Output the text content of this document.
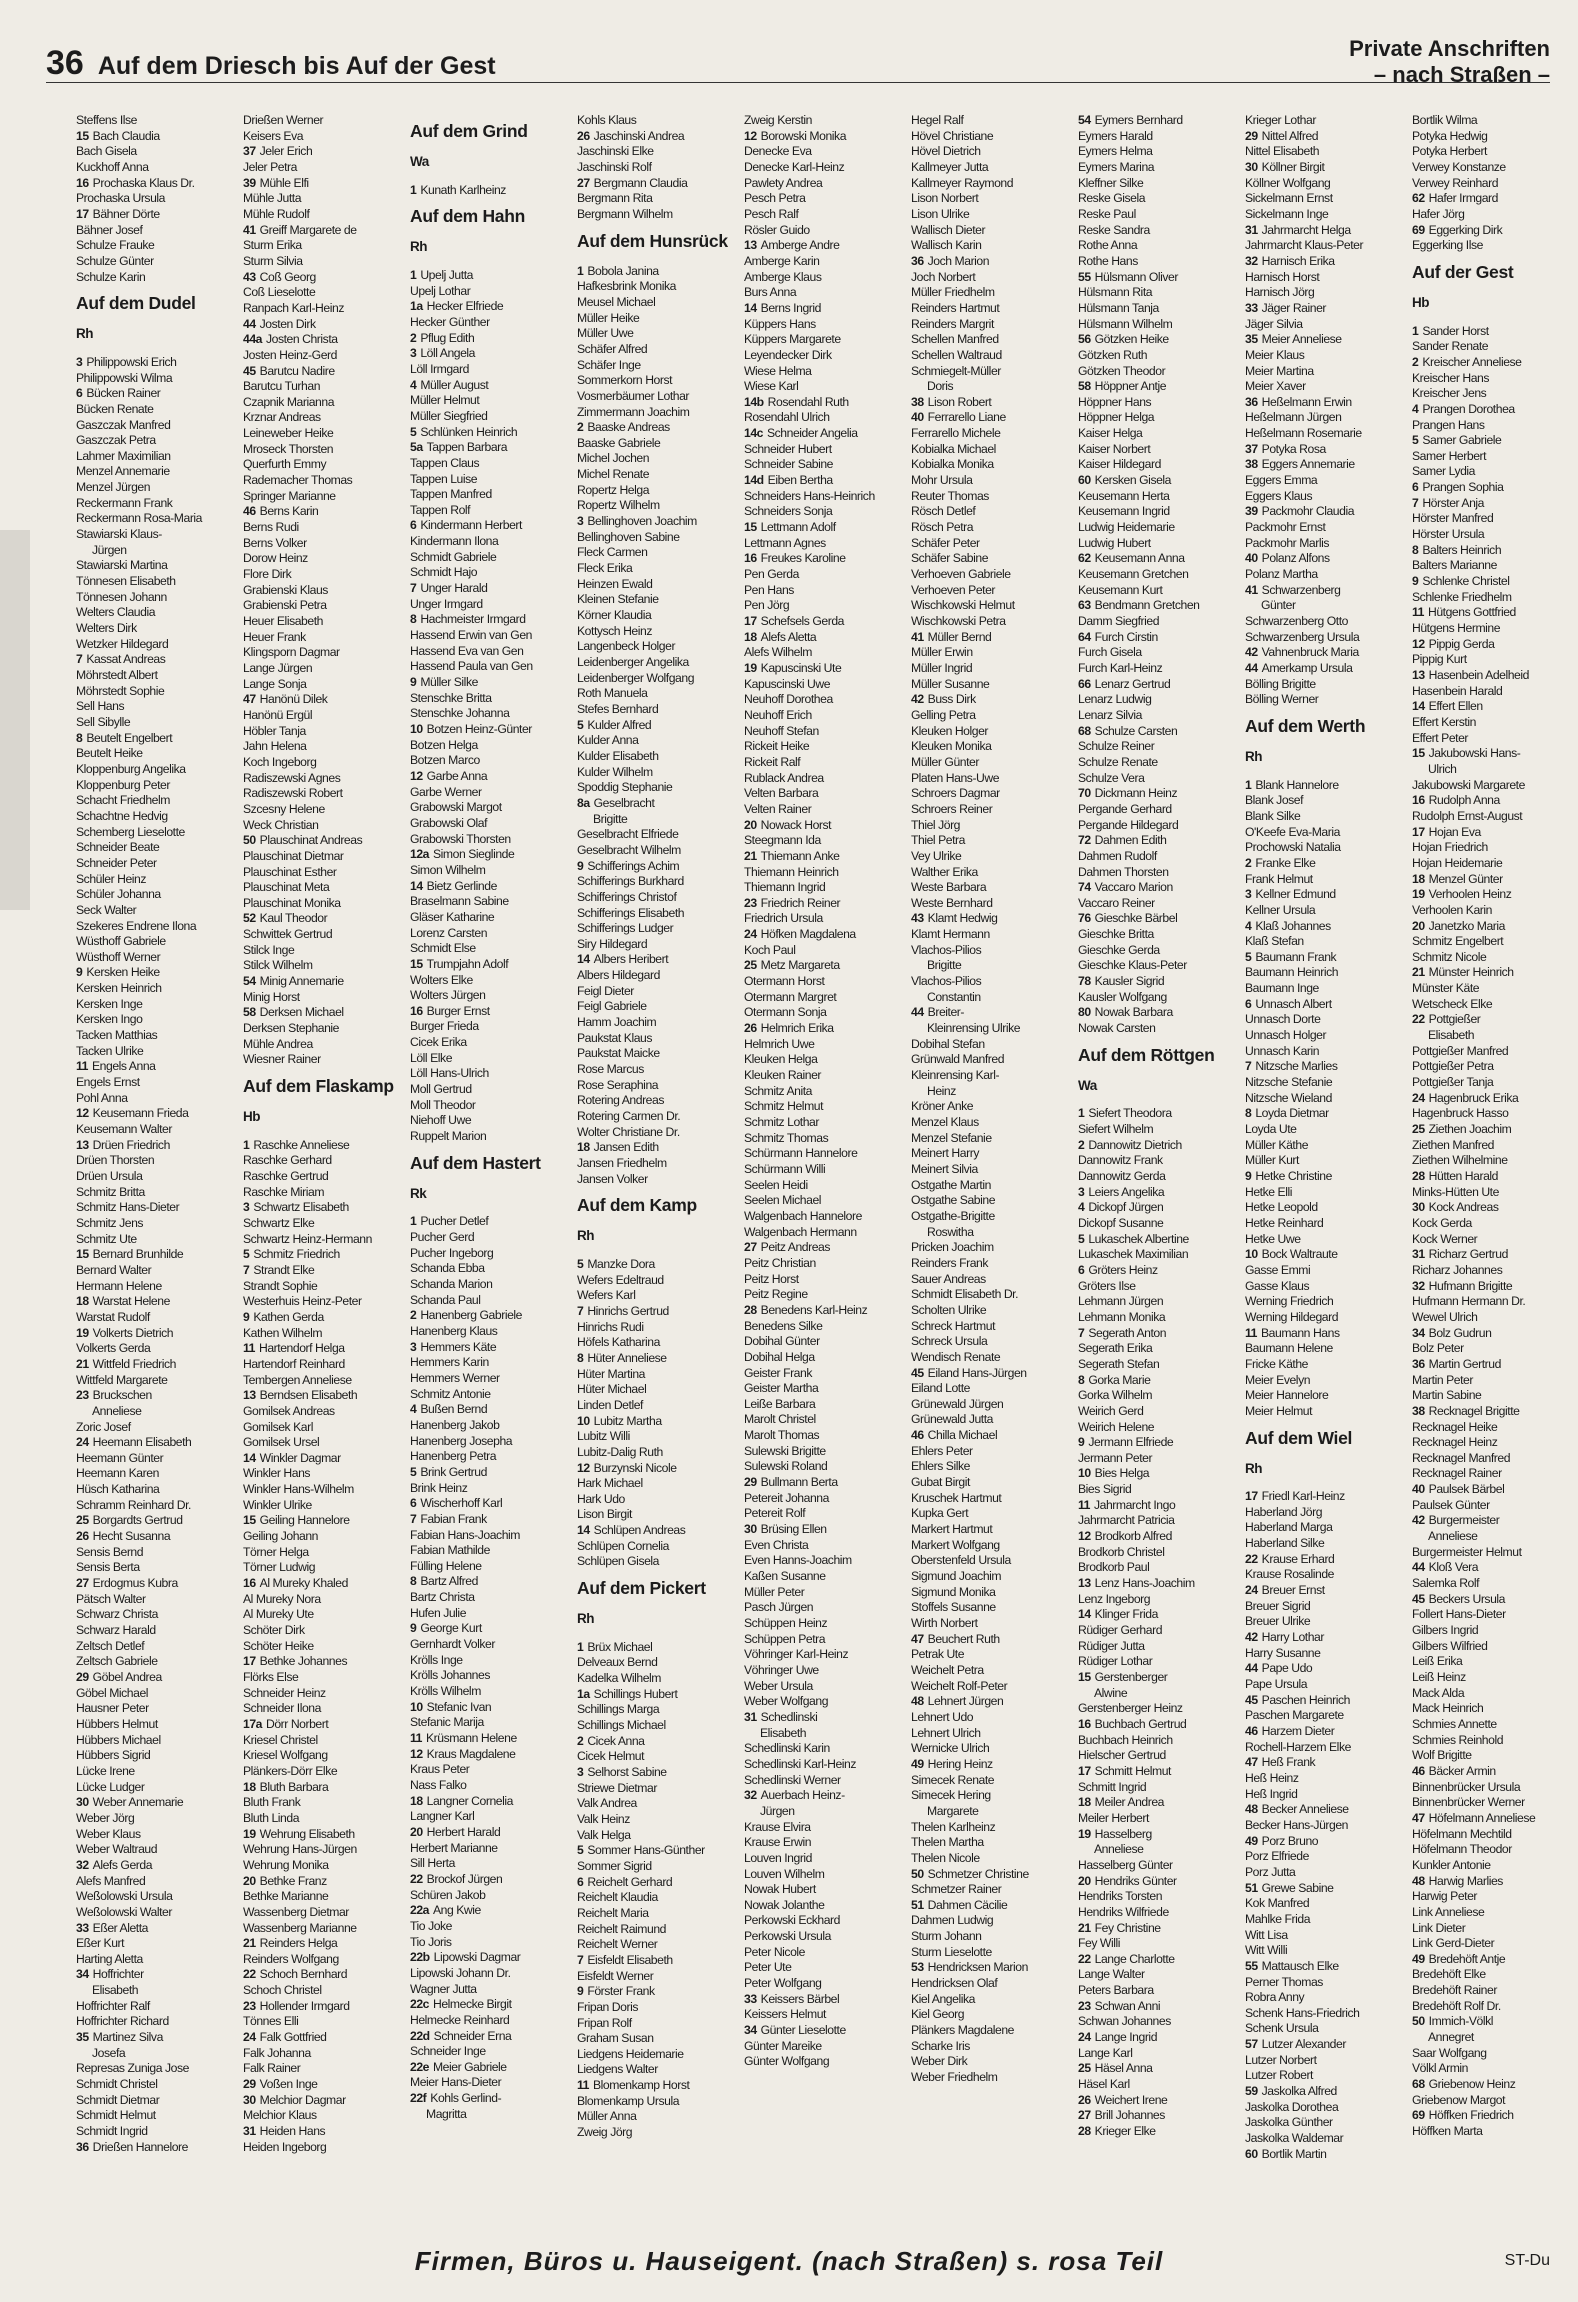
36 Auf dem Driesch bis Auf der Gest
Private Anschriften
– nach Straßen –
Steffens Ilse
15 Bach Claudia
Bach Gisela
Kuckhoff Anna
16 Prochaska Klaus Dr.
Prochaska Ursula
17 Bähner Dörte
Bähner Josef
Schulze Frauke
Schulze Günter
Schulze Karin
Auf dem Dudel
Rh
3 Philippowski Erich
Philippowski Wilma
6 Bücken Rainer
Bücken Renate
Gaszczak Manfred
Gaszczak Petra
Lahmer Maximilian
Menzel Annemarie
Menzel Jürgen
Reckermann Frank
Reckermann Rosa-Maria
Stawiarski Klaus-
Jürgen
Stawiarski Martina
Tönnesen Elisabeth
Tönnesen Johann
Welters Claudia
Welters Dirk
Wetzker Hildegard
7 Kassat Andreas
Möhrstedt Albert
Möhrstedt Sophie
Sell Hans
Sell Sibylle
8 Beutelt Engelbert
Beutelt Heike
Kloppenburg Angelika
Kloppenburg Peter
Schacht Friedhelm
Schachtne Hedvig
Schemberg Lieselotte
Schneider Beate
Schneider Peter
Schüler Heinz
Schüler Johanna
Seck Walter
Szekeres Endrene Ilona
Wüsthoff Gabriele
Wüsthoff Werner
9 Kersken Heike
Kersken Heinrich
Kersken Inge
Kersken Ingo
Tacken Matthias
Tacken Ulrike
11 Engels Anna
Engels Ernst
Pohl Anna
12 Keusemann Frieda
Keusemann Walter
13 Drüen Friedrich
Drüen Thorsten
Drüen Ursula
Schmitz Britta
Schmitz Hans-Dieter
Schmitz Jens
Schmitz Ute
15 Bernard Brunhilde
Bernard Walter
Hermann Helene
18 Warstat Helene
Warstat Rudolf
19 Volkerts Dietrich
Volkerts Gerda
21 Wittfeld Friedrich
Wittfeld Margarete
23 Bruckschen
Anneliese
Zoric Josef
24 Heemann Elisabeth
Heemann Günter
Heemann Karen
Hüsch Katharina
Schramm Reinhard Dr.
25 Borgardts Gertrud
26 Hecht Susanna
Sensis Bernd
Sensis Berta
27 Erdogmus Kubra
Pätsch Walter
Schwarz Christa
Schwarz Harald
Zeltsch Detlef
Zeltsch Gabriele
29 Göbel Andrea
Göbel Michael
Hausner Peter
Hübbers Helmut
Hübbers Michael
Hübbers Sigrid
Lücke Irene
Lücke Ludger
30 Weber Annemarie
Weber Jörg
Weber Klaus
Weber Waltraud
32 Alefs Gerda
Alefs Manfred
Weßolowski Ursula
Weßolowski Walter
33 Eßer Aletta
Eßer Kurt
Harting Aletta
34 Hoffrichter
Elisabeth
Hoffrichter Ralf
Hoffrichter Richard
35 Martinez Silva
Josefa
Represas Zuniga Jose
Schmidt Christel
Schmidt Dietmar
Schmidt Helmut
Schmidt Ingrid
36 Drießen Hannelore
Drießen Werner
Keisers Eva
37 Jeler Erich
Jeler Petra
39 Mühle Elfi
Mühle Jutta
Mühle Rudolf
41 Greiff Margarete de
Sturm Erika
Sturm Silvia
43 Coß Georg
Coß Lieselotte
Ranpach Karl-Heinz
44 Josten Dirk
44a Josten Christa
Josten Heinz-Gerd
45 Barutcu Nadire
Barutcu Turhan
Czapnik Marianna
Krznar Andreas
Leineweber Heike
Mroseck Thorsten
Querfurth Emmy
Rademacher Thomas
Springer Marianne
46 Berns Karin
Berns Rudi
Berns Volker
Dorow Heinz
Flore Dirk
Grabienski Klaus
Grabienski Petra
Heuer Elisabeth
Heuer Frank
Klingsporn Dagmar
Lange Jürgen
Lange Sonja
47 Hanönü Dilek
Hanönü Ergül
Höbler Tanja
Jahn Helena
Koch Ingeborg
Radiszewski Agnes
Radiszewski Robert
Szcesny Helene
Weck Christian
50 Plauschinat Andreas
Plauschinat Dietmar
Plauschinat Esther
Plauschinat Meta
Plauschinat Monika
52 Kaul Theodor
Schwittek Gertrud
Stilck Inge
Stilck Wilhelm
54 Minig Annemarie
Minig Horst
58 Derksen Michael
Derksen Stephanie
Mühle Andrea
Wiesner Rainer
Auf dem Flaskamp
Hb
1 Raschke Anneliese
Raschke Gerhard
Raschke Gertrud
Raschke Miriam
3 Schwartz Elisabeth
Schwartz Elke
Schwartz Heinz-Hermann
5 Schmitz Friedrich
7 Strandt Elke
Strandt Sophie
Westerhuis Heinz-Peter
9 Kathen Gerda
Kathen Wilhelm
11 Hartendorf Helga
Hartendorf Reinhard
Tembergen Anneliese
13 Berndsen Elisabeth
Gomilsek Andreas
Gomilsek Karl
Gomilsek Ursel
14 Winkler Dagmar
Winkler Hans
Winkler Hans-Wilhelm
Winkler Ulrike
15 Geiling Hannelore
Geiling Johann
Törner Helga
Törner Ludwig
16 Al Mureky Khaled
Al Mureky Nora
Al Mureky Ute
Schöter Dirk
Schöter Heike
17 Bethke Johannes
Flörks Else
Schneider Heinz
Schneider Ilona
17a Dörr Norbert
Kriesel Christel
Kriesel Wolfgang
Plänkers-Dörr Elke
18 Bluth Barbara
Bluth Frank
Bluth Linda
19 Wehrung Elisabeth
Wehrung Hans-Jürgen
Wehrung Monika
20 Bethke Franz
Bethke Marianne
Wassenberg Dietmar
Wassenberg Marianne
21 Reinders Helga
Reinders Wolfgang
22 Schoch Bernhard
Schoch Christel
23 Hollender Irmgard
Tönnes Elli
24 Falk Gottfried
Falk Johanna
Falk Rainer
29 Voßen Inge
30 Melchior Dagmar
Melchior Klaus
31 Heiden Hans
Heiden Ingeborg
Auf dem Grind
Wa
1 Kunath Karlheinz
Auf dem Hahn
Rh
1 Upelj Jutta
Upelj Lothar
1a Hecker Elfriede
Hecker Günther
2 Pflug Edith
3 Löll Angela
Löll Irmgard
4 Müller August
Müller Helmut
Müller Siegfried
5 Schlünken Heinrich
5a Tappen Barbara
Tappen Claus
Tappen Luise
Tappen Manfred
Tappen Rolf
6 Kindermann Herbert
Kindermann Ilona
Schmidt Gabriele
Schmidt Hajo
7 Unger Harald
Unger Irmgard
8 Hachmeister Irmgard
Hassend Erwin van Gen
Hassend Eva van Gen
Hassend Paula van Gen
9 Müller Silke
Stenschke Britta
Stenschke Johanna
10 Botzen Heinz-Günter
Botzen Helga
Botzen Marco
12 Garbe Anna
Garbe Werner
Grabowski Margot
Grabowski Olaf
Grabowski Thorsten
12a Simon Sieglinde
Simon Wilhelm
14 Bietz Gerlinde
Braselmann Sabine
Gläser Katharine
Lorenz Carsten
Schmidt Else
15 Trumpjahn Adolf
Wolters Elke
Wolters Jürgen
16 Burger Ernst
Burger Frieda
Cicek Erika
Löll Elke
Löll Hans-Ulrich
Moll Gertrud
Moll Theodor
Niehoff Uwe
Ruppelt Marion
Auf dem Hastert
Rk
1 Pucher Detlef
Pucher Gerd
Pucher Ingeborg
Schanda Ebba
Schanda Marion
Schanda Paul
2 Hanenberg Gabriele
Hanenberg Klaus
3 Hemmers Käte
Hemmers Karin
Hemmers Werner
Schmitz Antonie
4 Bußen Bernd
Hanenberg Jakob
Hanenberg Josepha
Hanenberg Petra
5 Brink Gertrud
Brink Heinz
6 Wischerhoff Karl
7 Fabian Frank
Fabian Hans-Joachim
Fabian Mathilde
Fülling Helene
8 Bartz Alfred
Bartz Christa
Hufen Julie
9 George Kurt
Gernhardt Volker
Krölls Inge
Krölls Johannes
Krölls Wilhelm
10 Stefanic Ivan
Stefanic Marija
11 Krüsmann Helene
12 Kraus Magdalene
Kraus Peter
Nass Falko
18 Langner Cornelia
Langner Karl
20 Herbert Harald
Herbert Marianne
Sill Herta
22 Brockof Jürgen
Schüren Jakob
22a Ang Kwie
Tio Joke
Tio Joris
22b Lipowski Dagmar
Lipowski Johann Dr.
Wagner Jutta
22c Helmecke Birgit
Helmecke Reinhard
22d Schneider Erna
Schneider Inge
22e Meier Gabriele
Meier Hans-Dieter
22f Kohls Gerlind-
Magritta
Kohls Klaus
26 Jaschinski Andrea
Jaschinski Elke
Jaschinski Rolf
27 Bergmann Claudia
Bergmann Rita
Bergmann Wilhelm
Auf dem Hunsrück
1 Bobola Janina
Hafkesbrink Monika
Meusel Michael
Müller Heike
Müller Uwe
Schäfer Alfred
Schäfer Inge
Sommerkorn Horst
Vosmerbäumer Lothar
Zimmermann Joachim
2 Baaske Andreas
Baaske Gabriele
Michel Jochen
Michel Renate
Ropertz Helga
Ropertz Wilhelm
3 Bellinghoven Joachim
Bellinghoven Sabine
Fleck Carmen
Fleck Erika
Heinzen Ewald
Kleinen Stefanie
Körner Klaudia
Kottysch Heinz
Langenbeck Holger
Leidenberger Angelika
Leidenberger Wolfgang
Roth Manuela
Stefes Bernhard
5 Kulder Alfred
Kulder Anna
Kulder Elisabeth
Kulder Wilhelm
Spoddig Stephanie
8a Geselbracht
Brigitte
Geselbracht Elfriede
Geselbracht Wilhelm
9 Schifferings Achim
Schifferings Burkhard
Schifferings Christof
Schifferings Elisabeth
Schifferings Ludger
Siry Hildegard
14 Albers Heribert
Albers Hildegard
Feigl Dieter
Feigl Gabriele
Hamm Joachim
Paukstat Klaus
Paukstat Maicke
Rose Marcus
Rose Seraphina
Rotering Andreas
Rotering Carmen Dr.
Wolter Christiane Dr.
18 Jansen Edith
Jansen Friedhelm
Jansen Volker
Auf dem Kamp
Rh
5 Manzke Dora
Wefers Edeltraud
Wefers Karl
7 Hinrichs Gertrud
Hinrichs Rudi
Höfels Katharina
8 Hüter Anneliese
Hüter Martina
Hüter Michael
Linden Detlef
10 Lubitz Martha
Lubitz Willi
Lubitz-Dalig Ruth
12 Burzynski Nicole
Hark Michael
Hark Udo
Lison Birgit
14 Schlüpen Andreas
Schlüpen Cornelia
Schlüpen Gisela
Auf dem Pickert
Rh
1 Brüx Michael
Delveaux Bernd
Kadelka Wilhelm
1a Schillings Hubert
Schillings Marga
Schillings Michael
2 Cicek Anna
Cicek Helmut
3 Selhorst Sabine
Striewe Dietmar
Valk Andrea
Valk Heinz
Valk Helga
5 Sommer Hans-Günther
Sommer Sigrid
6 Reichelt Gerhard
Reichelt Klaudia
Reichelt Maria
Reichelt Raimund
Reichelt Werner
7 Eisfeldt Elisabeth
Eisfeldt Werner
9 Förster Frank
Fripan Doris
Fripan Rolf
Graham Susan
Liedgens Heidemarie
Liedgens Walter
11 Blomenkamp Horst
Blomenkamp Ursula
Müller Anna
Zweig Jörg
Zweig Kerstin
12 Borowski Monika
Denecke Eva
Denecke Karl-Heinz
Pawlety Andrea
Pesch Petra
Pesch Ralf
Rösler Guido
13 Amberge Andre
Amberge Karin
Amberge Klaus
Burs Anna
14 Berns Ingrid
Küppers Hans
Küppers Margarete
Leyendecker Dirk
Wiese Helma
Wiese Karl
14b Rosendahl Ruth
Rosendahl Ulrich
14c Schneider Angelia
Schneider Hubert
Schneider Sabine
14d Eiben Bertha
Schneiders Hans-Heinrich
Schneiders Sonja
15 Lettmann Adolf
Lettmann Agnes
16 Freukes Karoline
Pen Gerda
Pen Hans
Pen Jörg
17 Schefsels Gerda
18 Alefs Aletta
Alefs Wilhelm
19 Kapuscinski Ute
Kapuscinski Uwe
Neuhoff Dorothea
Neuhoff Erich
Neuhoff Stefan
Rickeit Heike
Rickeit Ralf
Rublack Andrea
Velten Barbara
Velten Rainer
20 Nowack Horst
Steegmann Ida
21 Thiemann Anke
Thiemann Heinrich
Thiemann Ingrid
23 Friedrich Reiner
Friedrich Ursula
24 Höfken Magdalena
Koch Paul
25 Metz Margareta
Otermann Horst
Otermann Margret
Otermann Sonja
26 Helmrich Erika
Helmrich Uwe
Kleuken Helga
Kleuken Rainer
Schmitz Anita
Schmitz Helmut
Schmitz Lothar
Schmitz Thomas
Schürmann Hannelore
Schürmann Willi
Seelen Heidi
Seelen Michael
Walgenbach Hannelore
Walgenbach Hermann
27 Peitz Andreas
Peitz Christian
Peitz Horst
Peitz Regine
28 Benedens Karl-Heinz
Benedens Silke
Dobihal Günter
Dobihal Helga
Geister Frank
Geister Martha
Leiße Barbara
Marolt Christel
Marolt Thomas
Sulewski Brigitte
Sulewski Roland
29 Bullmann Berta
Petereit Johanna
Petereit Rolf
30 Brüsing Ellen
Even Christa
Even Hanns-Joachim
Kaßen Susanne
Müller Peter
Pasch Jürgen
Schüppen Heinz
Schüppen Petra
Vöhringer Karl-Heinz
Vöhringer Uwe
Weber Ursula
Weber Wolfgang
31 Schedlinski
Elisabeth
Schedlinski Karin
Schedlinski Karl-Heinz
Schedlinski Werner
32 Auerbach Heinz-
Jürgen
Krause Elvira
Krause Erwin
Louven Ingrid
Louven Wilhelm
Nowak Hubert
Nowak Jolanthe
Perkowski Eckhard
Perkowski Ursula
Peter Nicole
Peter Ute
Peter Wolfgang
33 Keissers Bärbel
Keissers Helmut
34 Günter Lieselotte
Günter Mareike
Günter Wolfgang
Hegel Ralf
Hövel Christiane
Hövel Dietrich
Kallmeyer Jutta
Kallmeyer Raymond
Lison Norbert
Lison Ulrike
Wallisch Dieter
Wallisch Karin
36 Joch Marion
Joch Norbert
Müller Friedhelm
Reinders Hartmut
Reinders Margrit
Schellen Manfred
Schellen Waltraud
Schmiegelt-Müller
Doris
38 Lison Robert
40 Ferrarello Liane
Ferrarello Michele
Kobialka Michael
Kobialka Monika
Mohr Ursula
Reuter Thomas
Rösch Detlef
Rösch Petra
Schäfer Peter
Schäfer Sabine
Verhoeven Gabriele
Verhoeven Peter
Wischkowski Helmut
Wischkowski Petra
41 Müller Bernd
Müller Erwin
Müller Ingrid
Müller Susanne
42 Buss Dirk
Gelling Petra
Kleuken Holger
Kleuken Monika
Müller Günter
Platen Hans-Uwe
Schroers Dagmar
Schroers Reiner
Thiel Jörg
Thiel Petra
Vey Ulrike
Walther Erika
Weste Barbara
Weste Bernhard
43 Klamt Hedwig
Klamt Hermann
Vlachos-Pilios
Brigitte
Vlachos-Pilios
Constantin
44 Breiter-
Kleinrensing Ulrike
Dobihal Stefan
Grünwald Manfred
Kleinrensing Karl-
Heinz
Kröner Anke
Menzel Klaus
Menzel Stefanie
Meinert Harry
Meinert Silvia
Ostgathe Martin
Ostgathe Sabine
Ostgathe-Brigitte
Roswitha
Pricken Joachim
Reinders Frank
Sauer Andreas
Schmidt Elisabeth Dr.
Scholten Ulrike
Schreck Hartmut
Schreck Ursula
Wendisch Renate
45 Eiland Hans-Jürgen
Eiland Lotte
Grünewald Jürgen
Grünewald Jutta
46 Chilla Michael
Ehlers Peter
Ehlers Silke
Gubat Birgit
Kruschek Hartmut
Kupka Gert
Markert Hartmut
Markert Wolfgang
Oberstenfeld Ursula
Sigmund Joachim
Sigmund Monika
Stoffels Susanne
Wirth Norbert
47 Beuchert Ruth
Petrak Ute
Weichelt Petra
Weichelt Rolf-Peter
48 Lehnert Jürgen
Lehnert Udo
Lehnert Ulrich
Wernicke Ulrich
49 Hering Heinz
Simecek Renate
Simecek Hering
Margarete
Thelen Karlheinz
Thelen Martha
Thelen Nicole
50 Schmetzer Christine
Schmetzer Rainer
51 Dahmen Cäcilie
Dahmen Ludwig
Sturm Johann
Sturm Lieselotte
53 Hendricksen Marion
Hendricksen Olaf
Kiel Angelika
Kiel Georg
Plänkers Magdalene
Scharke Iris
Weber Dirk
Weber Friedhelm
54 Eymers Bernhard
Eymers Harald
Eymers Helma
Eymers Marina
Kleffner Silke
Reske Gisela
Reske Paul
Reske Sandra
Rothe Anna
Rothe Hans
55 Hülsmann Oliver
Hülsmann Rita
Hülsmann Tanja
Hülsmann Wilhelm
56 Götzken Heike
Götzken Ruth
Götzken Theodor
58 Höppner Antje
Höppner Hans
Höppner Helga
Kaiser Helga
Kaiser Norbert
Kaiser Hildegard
60 Kersken Gisela
Keusemann Herta
Keusemann Ingrid
Ludwig Heidemarie
Ludwig Hubert
62 Keusemann Anna
Keusemann Gretchen
Keusemann Kurt
63 Bendmann Gretchen
Damm Siegfried
64 Furch Cirstin
Furch Gisela
Furch Karl-Heinz
66 Lenarz Gertrud
Lenarz Ludwig
Lenarz Silvia
68 Schulze Carsten
Schulze Reiner
Schulze Renate
Schulze Vera
70 Dickmann Heinz
Pergande Gerhard
Pergande Hildegard
72 Dahmen Edith
Dahmen Rudolf
Dahmen Thorsten
74 Vaccaro Marion
Vaccaro Reiner
76 Gieschke Bärbel
Gieschke Britta
Gieschke Gerda
Gieschke Klaus-Peter
78 Kausler Sigrid
Kausler Wolfgang
80 Nowak Barbara
Nowak Carsten
Auf dem Röttgen
Wa
1 Siefert Theodora
Siefert Wilhelm
2 Dannowitz Dietrich
Dannowitz Frank
Dannowitz Gerda
3 Leiers Angelika
4 Dickopf Jürgen
Dickopf Susanne
5 Lukaschek Albertine
Lukaschek Maximilian
6 Gröters Heinz
Gröters Ilse
Lehmann Jürgen
Lehmann Monika
7 Segerath Anton
Segerath Erika
Segerath Stefan
8 Gorka Marie
Gorka Wilhelm
Weirich Gerd
Weirich Helene
9 Jermann Elfriede
Jermann Peter
10 Bies Helga
Bies Sigrid
11 Jahrmarcht Ingo
Jahrmarcht Patricia
12 Brodkorb Alfred
Brodkorb Christel
Brodkorb Paul
13 Lenz Hans-Joachim
Lenz Ingeborg
14 Klinger Frida
Rüdiger Gerhard
Rüdiger Jutta
Rüdiger Lothar
15 Gerstenberger
Alwine
Gerstenberger Heinz
16 Buchbach Gertrud
Buchbach Heinrich
Hielscher Gertrud
17 Schmitt Helmut
Schmitt Ingrid
18 Meiler Andrea
Meiler Herbert
19 Hasselberg
Anneliese
Hasselberg Günter
20 Hendriks Günter
Hendriks Torsten
Hendriks Wilfriede
21 Fey Christine
Fey Willi
22 Lange Charlotte
Lange Walter
Peters Barbara
23 Schwan Anni
Schwan Johannes
24 Lange Ingrid
Lange Karl
25 Häsel Anna
Häsel Karl
26 Weichert Irene
27 Brill Johannes
28 Krieger Elke
Krieger Lothar
29 Nittel Alfred
Nittel Elisabeth
30 Köllner Birgit
Köllner Wolfgang
Sickelmann Ernst
Sickelmann Inge
31 Jahrmarcht Helga
Jahrmarcht Klaus-Peter
32 Harnisch Erika
Harnisch Horst
Harnisch Jörg
33 Jäger Rainer
Jäger Silvia
35 Meier Anneliese
Meier Klaus
Meier Martina
Meier Xaver
36 Heßelmann Erwin
Heßelmann Jürgen
Heßelmann Rosemarie
37 Potyka Rosa
38 Eggers Annemarie
Eggers Emma
Eggers Klaus
39 Packmohr Claudia
Packmohr Ernst
Packmohr Marlis
40 Polanz Alfons
Polanz Martha
41 Schwarzenberg
Günter
Schwarzenberg Otto
Schwarzenberg Ursula
42 Vahnenbruck Maria
44 Amerkamp Ursula
Bölling Brigitte
Bölling Werner
Auf dem Werth
Rh
1 Blank Hannelore
Blank Josef
Blank Silke
O'Keefe Eva-Maria
Prochowski Natalia
2 Franke Elke
Frank Helmut
3 Kellner Edmund
Kellner Ursula
4 Klaß Johannes
Klaß Stefan
5 Baumann Frank
Baumann Heinrich
Baumann Inge
6 Unnasch Albert
Unnasch Dorte
Unnasch Holger
Unnasch Karin
7 Nitzsche Marlies
Nitzsche Stefanie
Nitzsche Wieland
8 Loyda Dietmar
Loyda Ute
Müller Käthe
Müller Kurt
9 Hetke Christine
Hetke Elli
Hetke Leopold
Hetke Reinhard
Hetke Uwe
10 Bock Waltraute
Gasse Emmi
Gasse Klaus
Werning Friedrich
Werning Hildegard
11 Baumann Hans
Baumann Helene
Fricke Käthe
Meier Evelyn
Meier Hannelore
Meier Helmut
Auf dem Wiel
Rh
17 Friedl Karl-Heinz
Haberland Jörg
Haberland Marga
Haberland Silke
22 Krause Erhard
Krause Rosalinde
24 Breuer Ernst
Breuer Sigrid
Breuer Ulrike
42 Harry Lothar
Harry Susanne
44 Pape Udo
Pape Ursula
45 Paschen Heinrich
Paschen Margarete
46 Harzem Dieter
Rochell-Harzem Elke
47 Heß Frank
Heß Heinz
Heß Ingrid
48 Becker Anneliese
Becker Hans-Jürgen
49 Porz Bruno
Porz Elfriede
Porz Jutta
51 Grewe Sabine
Kok Manfred
Mahlke Frida
Witt Lisa
Witt Willi
55 Mattausch Elke
Perner Thomas
Robra Anny
Schenk Hans-Friedrich
Schenk Ursula
57 Lutzer Alexander
Lutzer Norbert
Lutzer Robert
59 Jaskolka Alfred
Jaskolka Dorothea
Jaskolka Günther
Jaskolka Waldemar
60 Bortlik Martin
Bortlik Wilma
Potyka Hedwig
Potyka Herbert
Verwey Konstanze
Verwey Reinhard
62 Hafer Irmgard
Hafer Jörg
69 Eggerking Dirk
Eggerking Ilse
Auf der Gest
Hb
1 Sander Horst
Sander Renate
2 Kreischer Anneliese
Kreischer Hans
Kreischer Jens
4 Prangen Dorothea
Prangen Hans
5 Samer Gabriele
Samer Herbert
Samer Lydia
6 Prangen Sophia
7 Hörster Anja
Hörster Manfred
Hörster Ursula
8 Balters Heinrich
Balters Marianne
9 Schlenke Christel
Schlenke Friedhelm
11 Hütgens Gottfried
Hütgens Hermine
12 Pippig Gerda
Pippig Kurt
13 Hasenbein Adelheid
Hasenbein Harald
14 Effert Ellen
Effert Kerstin
Effert Peter
15 Jakubowski Hans-
Ulrich
Jakubowski Margarete
16 Rudolph Anna
Rudolph Ernst-August
17 Hojan Eva
Hojan Friedrich
Hojan Heidemarie
18 Menzel Günter
19 Verhoolen Heinz
Verhoolen Karin
20 Janetzko Maria
Schmitz Engelbert
Schmitz Nicole
21 Münster Heinrich
Münster Käte
Wetscheck Elke
22 Pottgießer
Elisabeth
Pottgießer Manfred
Pottgießer Petra
Pottgießer Tanja
24 Hagenbruck Erika
Hagenbruck Hasso
25 Ziethen Joachim
Ziethen Manfred
Ziethen Wilhelmine
28 Hütten Harald
Minks-Hütten Ute
30 Kock Andreas
Kock Gerda
Kock Werner
31 Richarz Gertrud
Richarz Johannes
32 Hufmann Brigitte
Hufmann Hermann Dr.
Wewel Ulrich
34 Bolz Gudrun
Bolz Peter
36 Martin Gertrud
Martin Peter
Martin Sabine
38 Recknagel Brigitte
Recknagel Heike
Recknagel Heinz
Recknagel Manfred
Recknagel Rainer
40 Paulsek Bärbel
Paulsek Günter
42 Burgermeister
Anneliese
Burgermeister Helmut
44 Kloß Vera
Salemka Rolf
45 Beckers Ursula
Follert Hans-Dieter
Gilbers Ingrid
Gilbers Wilfried
Leiß Erika
Leiß Heinz
Mack Alda
Mack Heinrich
Schmies Annette
Schmies Reinhold
Wolf Brigitte
46 Bäcker Armin
Binnenbrücker Ursula
Binnenbrücker Werner
47 Höfelmann Anneliese
Höfelmann Mechtild
Höfelmann Theodor
Kunkler Antonie
48 Harwig Marlies
Harwig Peter
Link Anneliese
Link Dieter
Link Gerd-Dieter
49 Bredehöft Antje
Bredehöft Elke
Bredehöft Rainer
Bredehöft Rolf Dr.
50 Immich-Völkl
Annegret
Saar Wolfgang
Völkl Armin
68 Griebenow Heinz
Griebenow Margot
69 Höffken Friedrich
Höffken Marta
Firmen, Büros u. Hauseigent. (nach Straßen) s. rosa Teil	ST-Du
